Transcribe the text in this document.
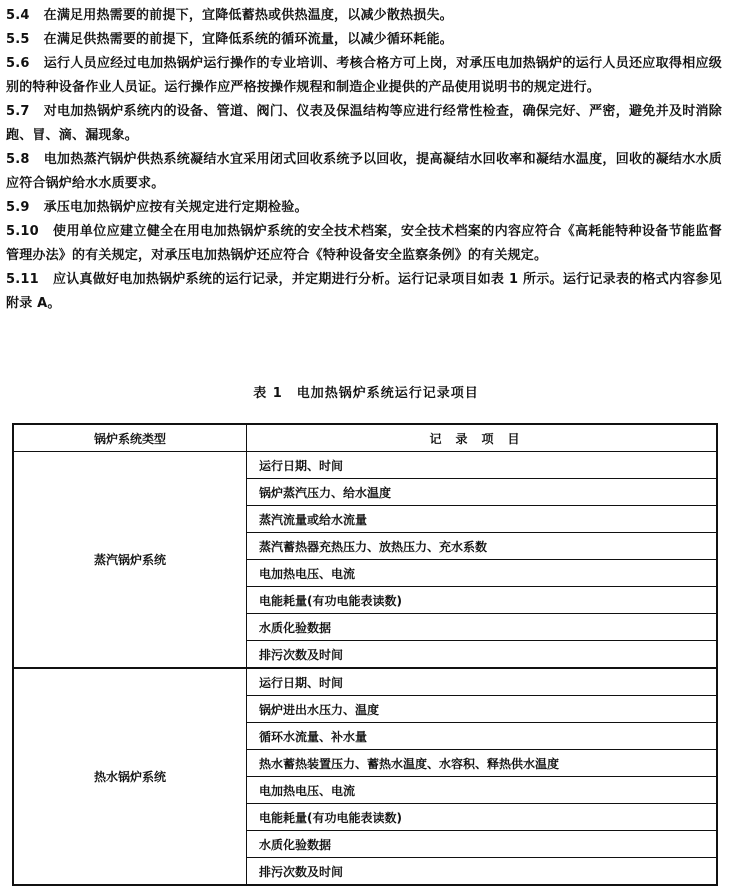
5.4 在满足用热需要的前提下，宜降低蓄热或供热温度，以减少散热损失。

5.5 在满足供热需要的前提下，宜降低系统的循环流量，以减少循环耗能。

5.6 运行人员应经过电加热锅炉运行操作的专业培训、考核合格方可上岗，对承压电加热锅炉的运行人员还应取得相应级别的特种设备作业人员证。运行操作应严格按操作规程和制造企业提供的产品使用说明书的规定进行。

5.7 对电加热锅炉系统内的设备、管道、阀门、仪表及保温结构等应进行经常性检查，确保完好、严密，避免并及时消除跑、冒、滴、漏现象。

5.8 电加热蒸汽锅炉供热系统凝结水宜采用闭式回收系统予以回收，提高凝结水回收率和凝结水温度，回收的凝结水水质应符合锅炉给水水质要求。

5.9 承压电加热锅炉应按有关规定进行定期检验。

5.10 使用单位应建立健全在用电加热锅炉系统的安全技术档案，安全技术档案的内容应符合《高耗能特种设备节能监督管理办法》的有关规定，对承压电加热锅炉还应符合《特种设备安全监察条例》的有关规定。

5.11 应认真做好电加热锅炉系统的运行记录，并定期进行分析。运行记录项目如表 1 所示。运行记录表的格式内容参见附录 A。

表 1　电加热锅炉系统运行记录项目

锅炉系统类型	记录项目
蒸汽锅炉系统	运行日期、时间
	锅炉蒸汽压力、给水温度
	蒸汽流量或给水流量
	蒸汽蓄热器充热压力、放热压力、充水系数
	电加热电压、电流
	电能耗量(有功电能表读数)
	水质化验数据
	排污次数及时间
热水锅炉系统	运行日期、时间
	锅炉进出水压力、温度
	循环水流量、补水量
	热水蓄热装置压力、蓄热水温度、水容积、释热供水温度
	电加热电压、电流
	电能耗量(有功电能表读数)
	水质化验数据
	排污次数及时间
